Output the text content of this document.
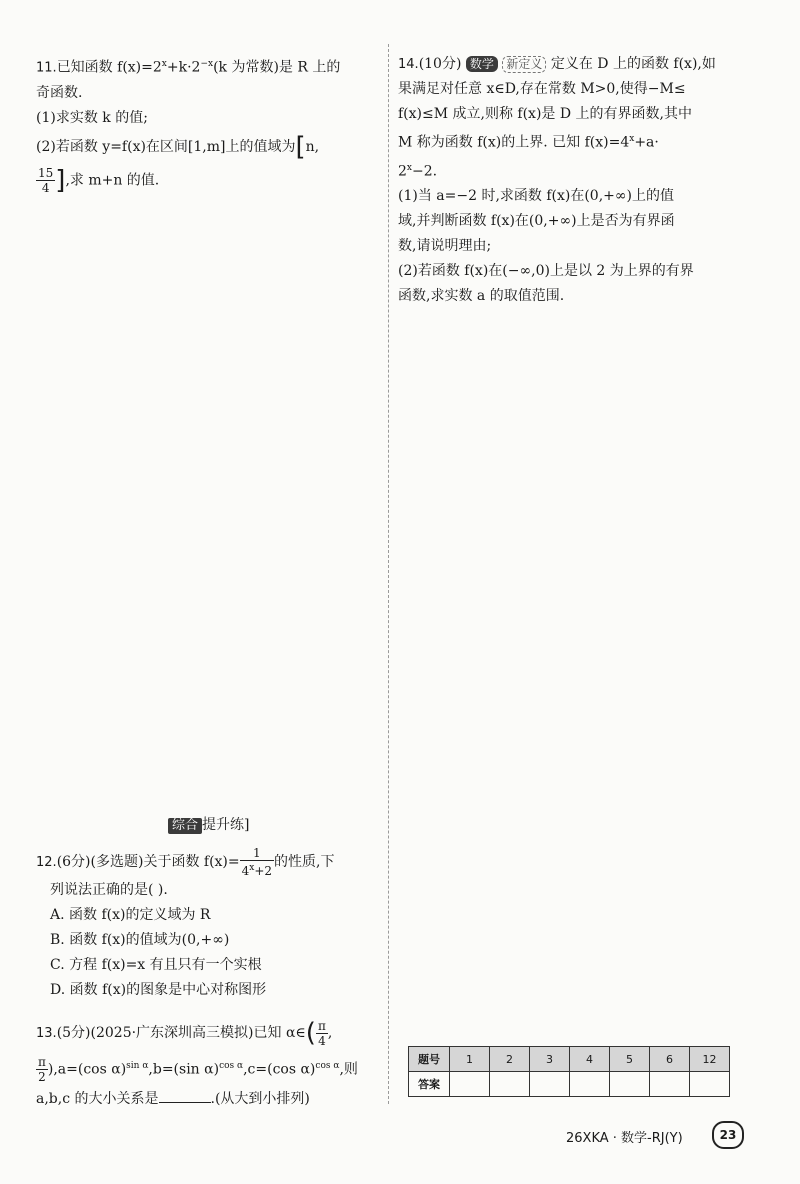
11.已知函数 $f(x)=2^x+k\cdot 2^{-x}(k$ 为常数)是 R 上的
奇函数.
(1)求实数 k 的值;
(2)若函数 y=f(x)在区间[1,m]上的值域为[n,
$\frac{15}{4}$ ],求 m+n 的值.
14.(10分) 数学 新定义 定义在 D 上的函数 f(x),如
果满足对任意 x∈D,存在常数 M>0,使得−M≤
f(x)≤M 成立,则称 f(x)是 D 上的有界函数,其中
M 称为函数 f(x)的上界. 已知 $f(x)=4^x+a\cdot$
$2^x-2$.
(1)当 a=−2 时,求函数 f(x)在(0,+∞)上的值
域,并判断函数 f(x)在(0,+∞)上是否为有界函
数,请说明理由;
(2)若函数 f(x)在(−∞,0)上是以 2 为上界的有界
函数,求实数 a 的取值范围.
综合 提升练]
12.(6分)(多选题)关于函数 $f(x)= \frac{1}{4^x+2}$ 的性质,下
列说法正确的是( ).
A. 函数 f(x)的定义域为 R
B. 函数 f(x)的值域为(0,+∞)
C. 方程 f(x)=x 有且只有一个实根
D. 函数 f(x)的图象是中心对称图形
13.(5分)(2025·广东深圳高三模拟)已知 α∈( $\frac{\pi}{4}$ ,
$\frac{\pi}{2} ),a=(\cos$ α)$^{sin \alpha}$,b=(sin α)$^{cos \alpha}$,c=(cos α)$^{cos \alpha}$,则
a,b,c 的大小关系是	.(从大到小排列)
题号	1	2	3	4	5	6	12
答案							
26XKA · 数学-RJ(Y)	23
